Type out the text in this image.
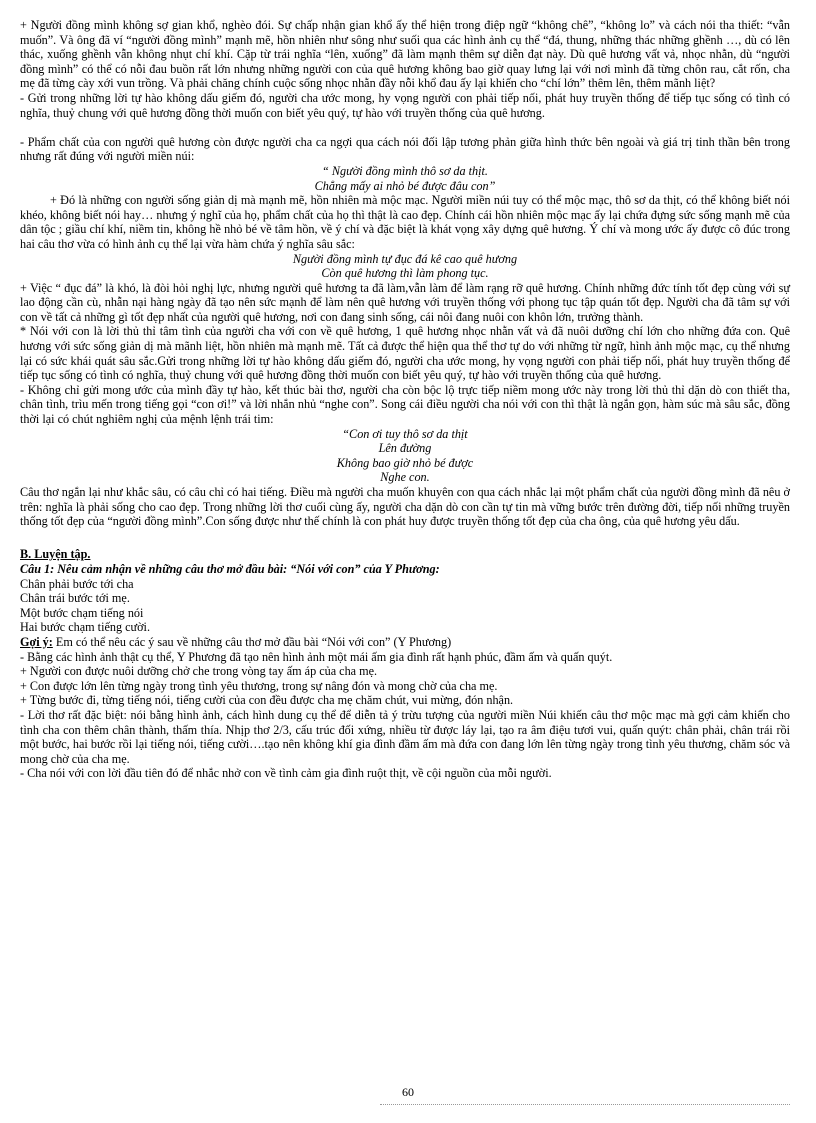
+ Người đồng mình không sợ gian khổ, nghèo đói. Sự chấp nhận gian khổ ấy thể hiện trong điệp ngữ “không chê”, “không lo” và cách nói tha thiết: “vẫn muốn”. Và ông đã ví “người đồng mình” mạnh mẽ, hồn nhiên như sông như suối qua các hình ảnh cụ thể “đá, thung, những thác những ghềnh …, dù có lên thác, xuống ghềnh vẫn không nhụt chí khí. Cặp từ trái nghĩa “lên, xuống” đã làm mạnh thêm sự diễn đạt này. Dù quê hương vất vả, nhọc nhằn, dù “người đồng mình” có thể có nỗi đau buồn rất lớn nhưng những người con của quê hương không bao giờ quay lưng lại với nơi mình đã từng chôn rau, cắt rốn, cha mẹ đã từng cày xới vun trồng. Và phải chăng chính cuộc sống nhọc nhằn đầy nỗi khổ đau ấy lại khiến cho “chí lớn” thêm lên, thêm mãnh liệt?

- Gửi trong những lời tự hào không dấu giếm đó, người cha ước mong, hy vọng người con phải tiếp nối, phát huy truyền thống để tiếp tục sống có tình có nghĩa, thuỷ chung với quê hương đồng thời muốn con biết yêu quý, tự hào với truyền thống của quê hương.

- Phẩm chất của con người quê hương còn được người cha ca ngợi qua cách nói đối lập tương phản giữa hình thức bên ngoài và giá trị tinh thần bên trong nhưng rất đúng với người miền núi:

“ Người đồng mình thô sơ da thịt.

Chẳng mấy ai nhỏ bé được đâu con”

+ Đó là những con người sống giản dị mà mạnh mẽ, hồn nhiên mà mộc mạc. Người miền núi tuy có thể mộc mạc, thô sơ da thịt, có thể không biết nói khéo, không biết nói hay… nhưng ý nghĩ của họ, phẩm chất của họ thì thật là cao đẹp. Chính cái hồn nhiên mộc mạc ấy lại chứa đựng sức sống mạnh mẽ của dân tộc ; giầu chí khí, niềm tin, không hề nhỏ bé về tâm hồn, về ý chí và đặc biệt là khát vọng xây dựng quê hương. Ý chí và mong ước ấy được cô đúc trong hai câu thơ vừa có hình ảnh cụ thể lại vừa hàm chứa ý nghĩa sâu sắc:

Người đồng mình tự đục đá kê cao quê hương

Còn quê hương thì làm phong tục.

+ Việc “ đục đá” là khó, là đòi hỏi nghị lực, nhưng người quê hương ta đã làm,vẫn làm để làm rạng rỡ quê hương. Chính những đức tính tốt đẹp cùng với sự lao động cần cù, nhẫn nại hàng ngày đã tạo nên sức mạnh để làm nên quê hương với truyền thống với phong tục tập quán tốt đẹp. Người cha đã tâm sự với con về tất cả những gì tốt đẹp nhất của người quê hương, nơi con đang sinh sống, cái nôi đang nuôi con khôn lớn, trưởng thành.

* Nói với con là lời thủ thỉ tâm tình của người cha với con về quê hương, 1 quê hương nhọc nhằn vất vả đã nuôi dưỡng chí lớn cho những đứa con. Quê hương với sức sống giản dị mà mãnh liệt, hồn nhiên mà mạnh mẽ. Tất cả được thể hiện qua thể thơ tự do với những từ ngữ, hình ảnh mộc mạc, cụ thể nhưng lại có sức khái quát sâu sắc.Gửi trong những lời tự hào không dấu giếm đó, người cha ước mong, hy vọng người con phải tiếp nối, phát huy truyền thống để tiếp tục sống có tình có nghĩa, thuỷ chung với quê hương đồng thời muốn con biết yêu quý, tự hào với truyền thống của quê hương.

- Không chỉ gửi mong ước của mình đầy tự hào, kết thúc bài thơ, người cha còn bộc lộ trực tiếp niềm mong ước này trong lời thủ thỉ dặn dò con thiết tha, chân tình, trìu mến trong tiếng gọi “con ơi!” và lời nhắn nhủ “nghe con”. Song cái điều người cha nói với con thì thật là ngắn gọn, hàm súc mà sâu sắc, đồng thời lại có chút nghiêm nghị của mệnh lệnh trái tim:

“Con ơi tuy thô sơ da thịt

Lên đường

Không bao giờ nhỏ bé được

Nghe con.

Câu thơ ngắn lại như khắc sâu, có câu chỉ có hai tiếng. Điều mà người cha muốn khuyên con qua cách nhắc lại một phẩm chất của người đồng mình đã nêu ở trên: nghĩa là phải sống cho cao đẹp. Trong những lời thơ cuối cùng ấy, người cha dặn dò con cần tự tin mà vững bước trên đường đời, tiếp nối những truyền thống tốt đẹp của “người đồng mình”.Con sống được như thế chính là con phát huy được truyền thống tốt đẹp của cha ông, của quê hương yêu dấu.

B. Luyện tập.

Câu 1: Nêu cảm nhận về những câu thơ mở đầu bài: “Nói với con” của Y Phương:

Chân phải bước tới cha

Chân trái bước tới mẹ.

Một bước chạm tiếng nói

Hai bước chạm tiếng cười.

Gợi ý: Em có thể nêu các ý sau về những câu thơ mở đầu bài “Nói với con” (Y Phương)

- Bằng các hình ảnh thật cụ thể, Y Phương đã tạo nên hình ảnh một mái ấm gia đình rất hạnh phúc, đầm ấm và quấn quýt.

+ Người con được nuôi dưỡng chở che trong vòng tay ấm áp của cha mẹ.

+ Con được lớn lên từng ngày trong tình yêu thương, trong sự nâng đón và mong chờ của cha mẹ.

+ Từng bước đi, từng tiếng nói, tiếng cười của con đều được cha mẹ chăm chút, vui mừng, đón nhận.

- Lời thơ rất đặc biệt: nói bằng hình ảnh, cách hình dung cụ thể để diễn tả ý trừu tượng của người miền Núi khiến câu thơ mộc mạc mà gợi cảm khiến cho tình cha con thêm chân thành, thấm thía. Nhịp thơ 2/3, cấu trúc đối xứng, nhiều từ được láy lại, tạo ra âm điệu tươi vui, quấn quýt: chân phải, chân trái rồi một bước, hai bước rồi lại tiếng nói, tiếng cười….tạo nên không khí gia đình đầm ấm mà đứa con đang lớn lên từng ngày trong tình yêu thương, chăm sóc và mong chờ của cha mẹ.

- Cha nói với con lời đầu tiên đó để nhắc nhở con về tình cảm gia đình ruột thịt, về cội nguồn của mỗi người.

60
